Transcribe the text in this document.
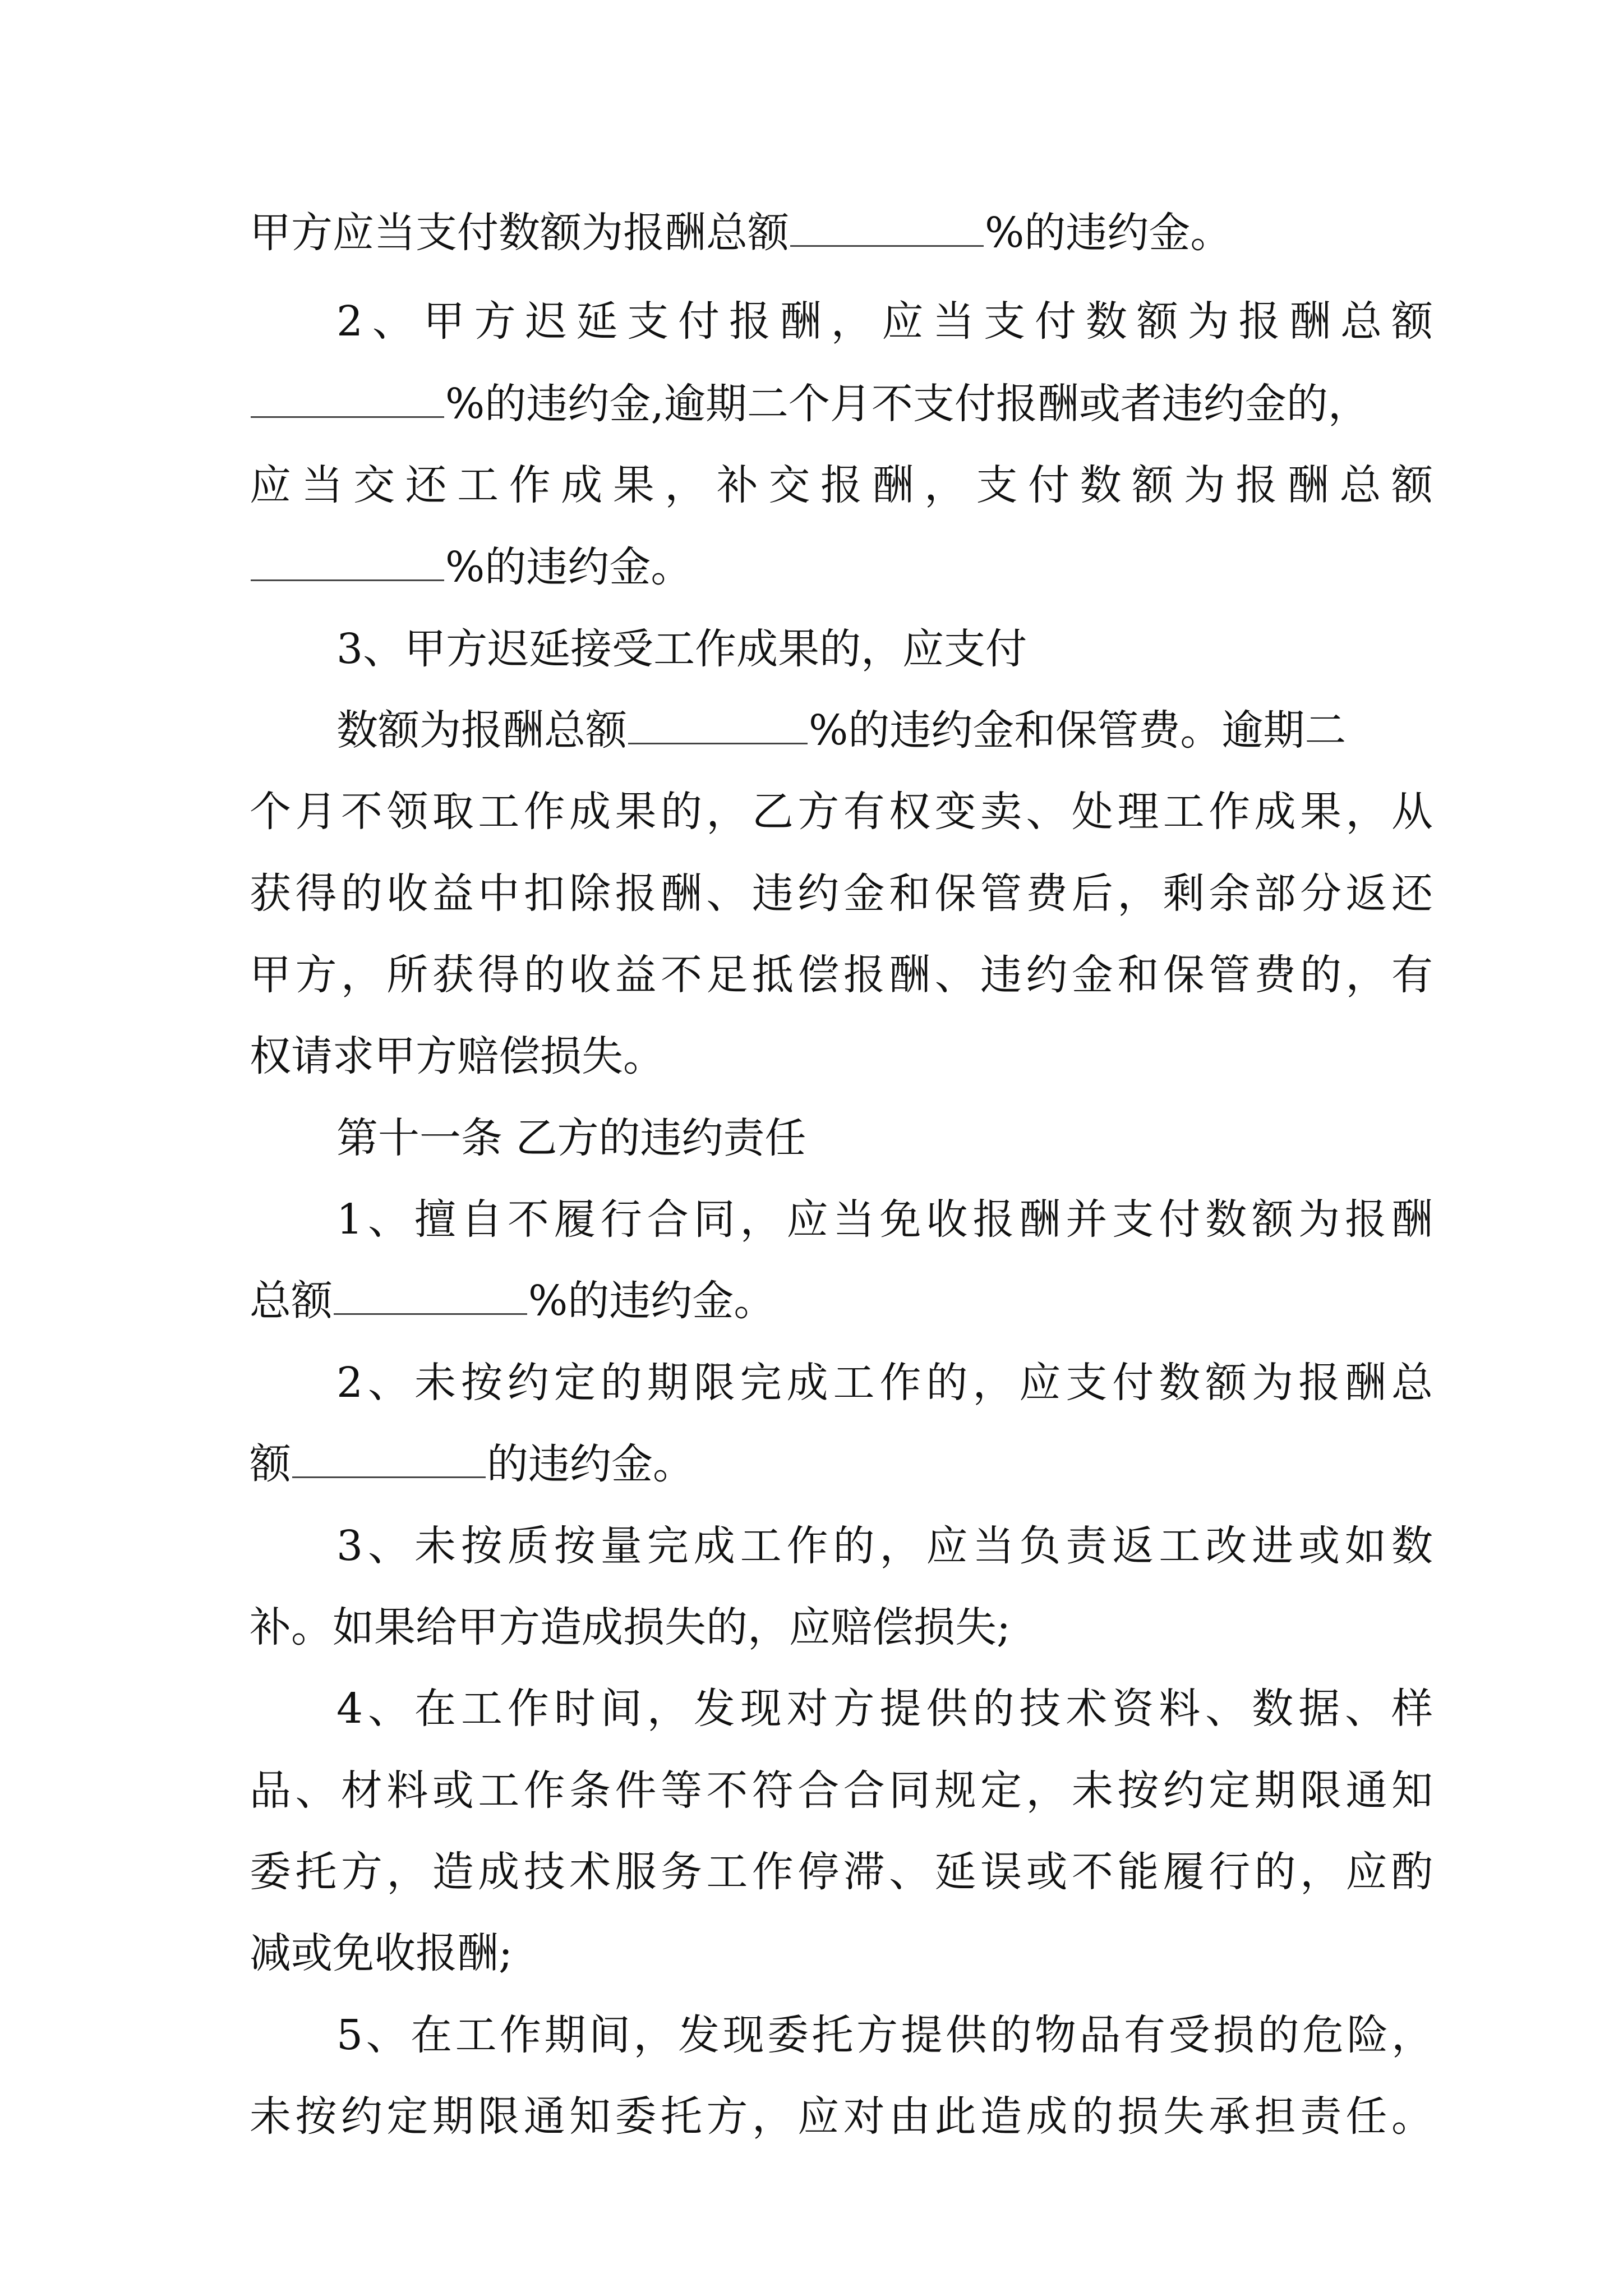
甲方应当支付数额为报酬总额	%的违约金。
2、甲方迟延支付报酬，应当支付数额为报酬总额
%的违约金,逾期二个月不支付报酬或者违约金的，
应当交还工作成果，补交报酬，支付数额为报酬总额
%的违约金。
3、甲方迟延接受工作成果的，应支付
数额为报酬总额	%的违约金和保管费。逾期二
个月不领取工作成果的，乙方有权变卖、处理工作成果，从
获得的收益中扣除报酬、违约金和保管费后，剩余部分返还
甲方，所获得的收益不足抵偿报酬、违约金和保管费的，有
权请求甲方赔偿损失。
第十一条 乙方的违约责任
1、擅自不履行合同，应当免收报酬并支付数额为报酬
总额	%的违约金。
2、未按约定的期限完成工作的，应支付数额为报酬总
额	的违约金。
3、未按质按量完成工作的，应当负责返工改进或如数
补。如果给甲方造成损失的，应赔偿损失;
4、在工作时间，发现对方提供的技术资料、数据、样
品、材料或工作条件等不符合合同规定，未按约定期限通知
委托方，造成技术服务工作停滞、延误或不能履行的，应酌
减或免收报酬;
5、在工作期间，发现委托方提供的物品有受损的危险，
未按约定期限通知委托方，应对由此造成的损失承担责任。
